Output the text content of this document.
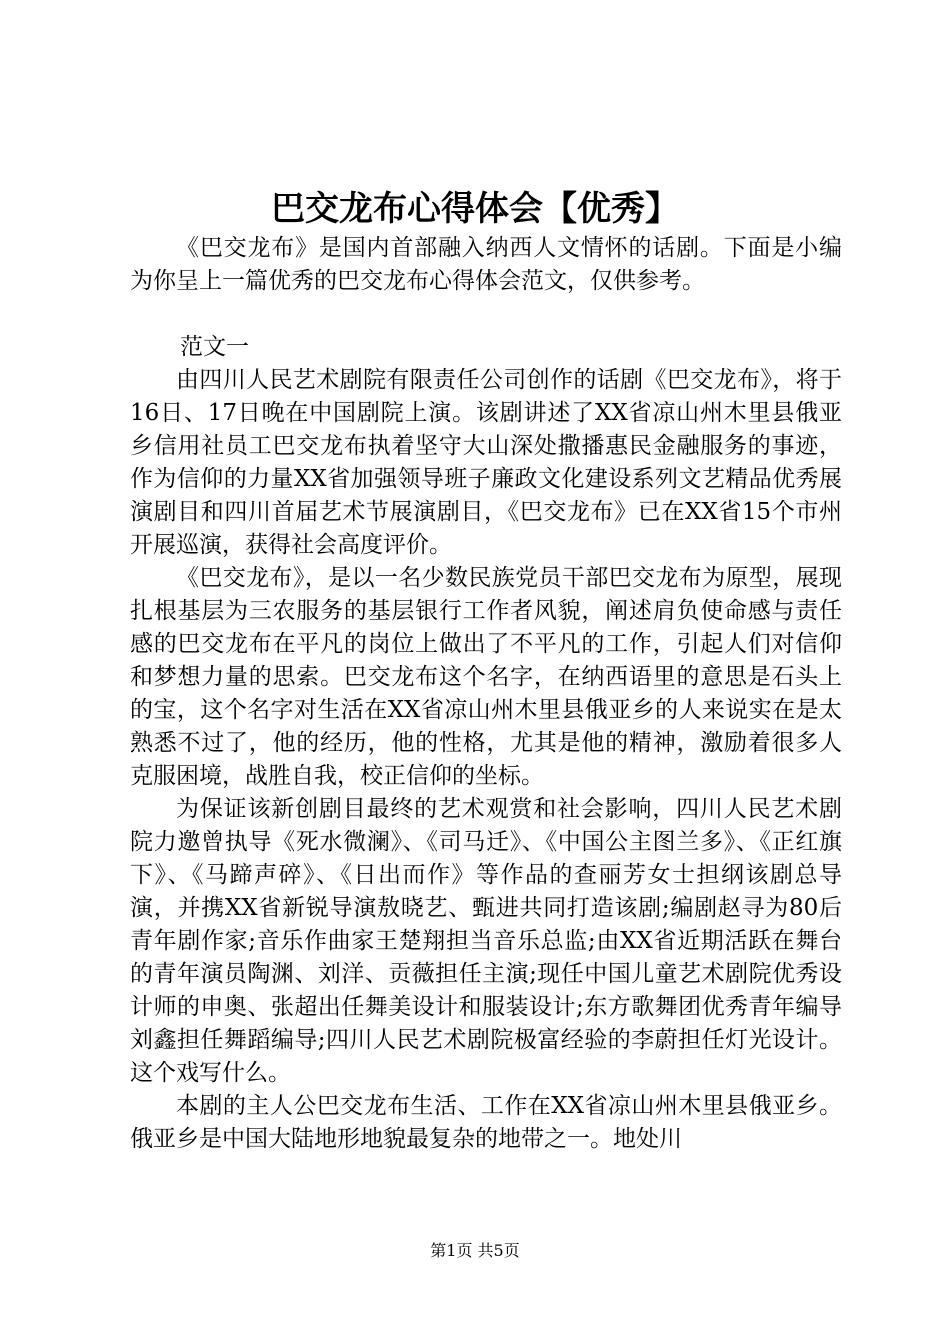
巴交龙布心得体会【优秀】

《巴交龙布》是国内首部融入纳西人文情怀的话剧。下面是小编为你呈上一篇优秀的巴交龙布心得体会范文，仅供参考。

范文一

由四川人民艺术剧院有限责任公司创作的话剧《巴交龙布》，将于16日、17日晚在中国剧院上演。该剧讲述了XX省凉山州木里县俄亚乡信用社员工巴交龙布执着坚守大山深处撒播惠民金融服务的事迹，作为信仰的力量XX省加强领导班子廉政文化建设系列文艺精品优秀展演剧目和四川首届艺术节展演剧目，《巴交龙布》已在XX省15个市州开展巡演，获得社会高度评价。

《巴交龙布》，是以一名少数民族党员干部巴交龙布为原型，展现扎根基层为三农服务的基层银行工作者风貌，阐述肩负使命感与责任感的巴交龙布在平凡的岗位上做出了不平凡的工作，引起人们对信仰和梦想力量的思索。巴交龙布这个名字，在纳西语里的意思是石头上的宝，这个名字对生活在XX省凉山州木里县俄亚乡的人来说实在是太熟悉不过了，他的经历，他的性格，尤其是他的精神，激励着很多人克服困境，战胜自我，校正信仰的坐标。

为保证该新创剧目最终的艺术观赏和社会影响，四川人民艺术剧院力邀曾执导《死水微澜》、《司马迁》、《中国公主图兰多》、《正红旗下》、《马蹄声碎》、《日出而作》等作品的查丽芳女士担纲该剧总导演，并携XX省新锐导演敖晓艺、甄进共同打造该剧;编剧赵寻为80后青年剧作家;音乐作曲家王楚翔担当音乐总监;由XX省近期活跃在舞台的青年演员陶渊、刘洋、贡薇担任主演;现任中国儿童艺术剧院优秀设计师的申奥、张超出任舞美设计和服装设计;东方歌舞团优秀青年编导刘鑫担任舞蹈编导;四川人民艺术剧院极富经验的李蔚担任灯光设计。这个戏写什么。

本剧的主人公巴交龙布生活、工作在XX省凉山州木里县俄亚乡。俄亚乡是中国大陆地形地貌最复杂的地带之一。地处川

第1页 共5页
